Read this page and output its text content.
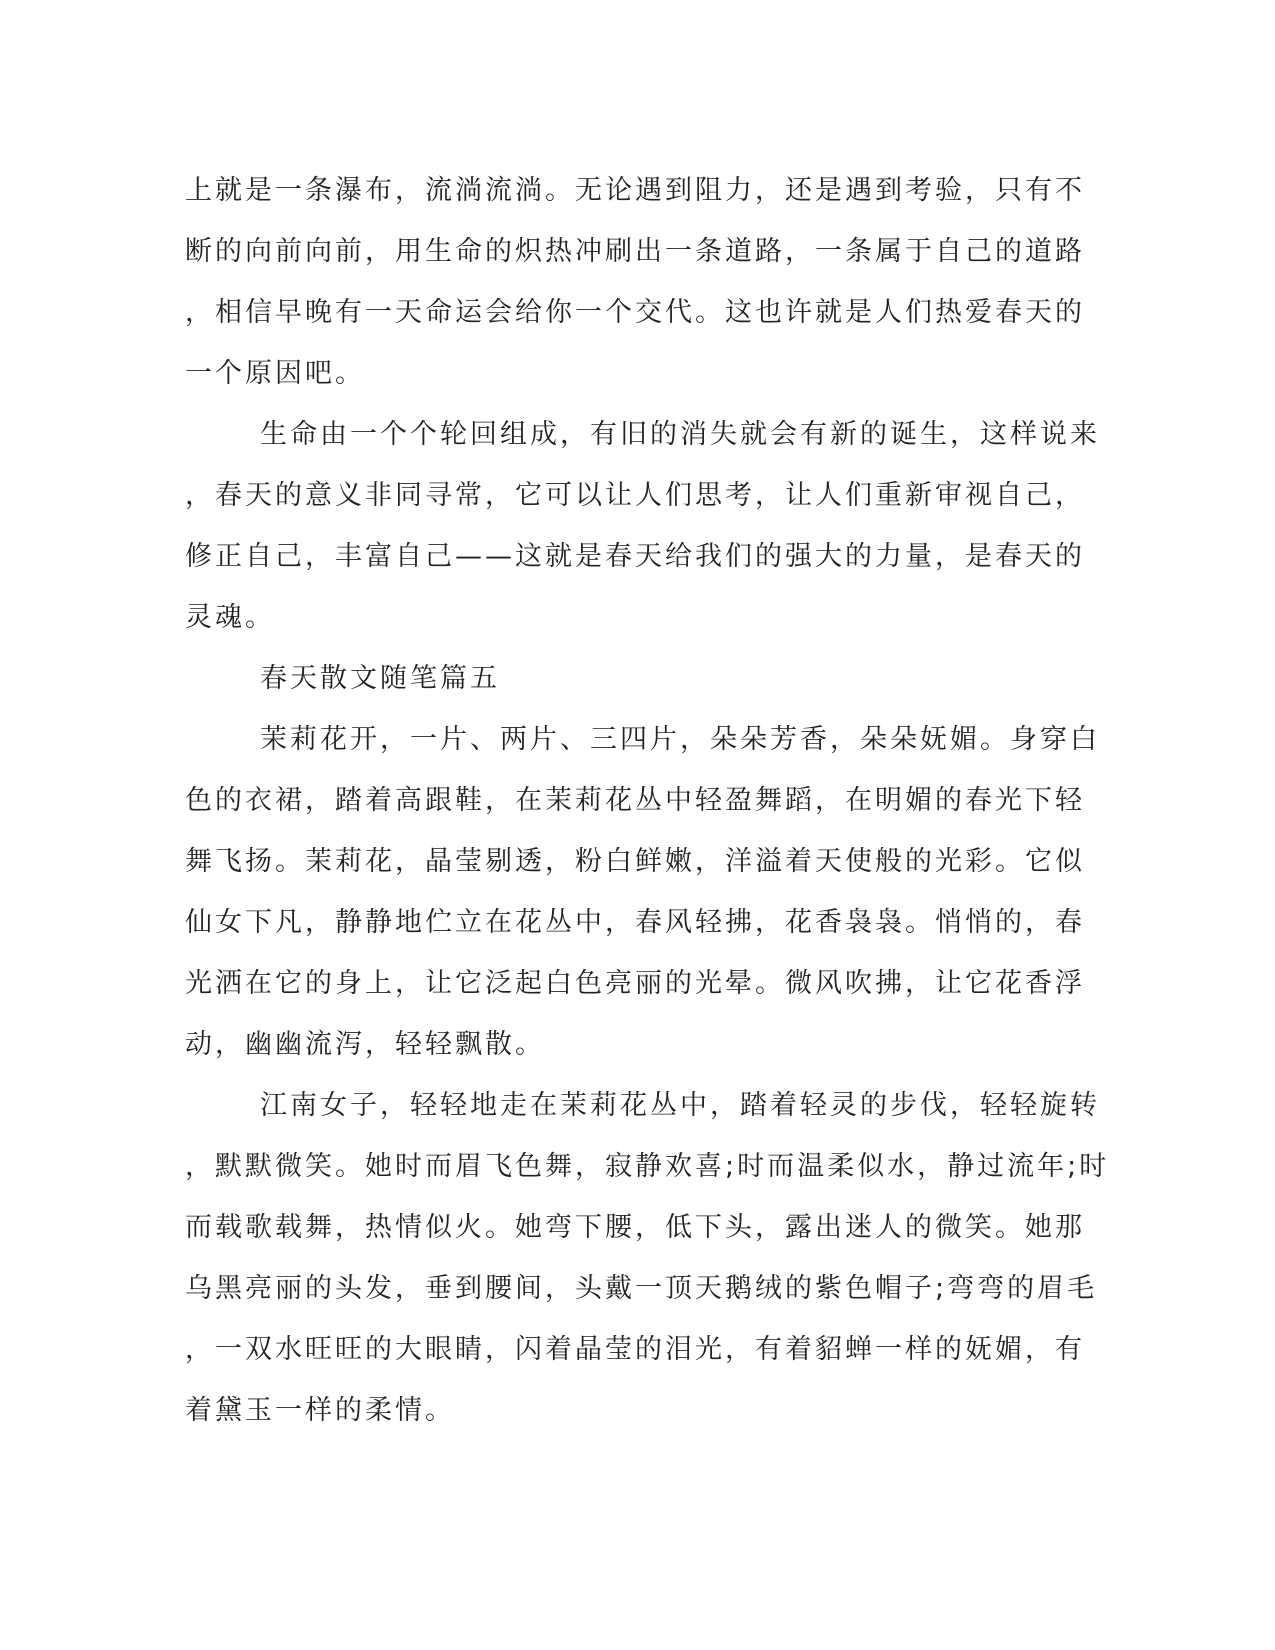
上就是一条瀑布，流淌流淌。无论遇到阻力，还是遇到考验，只有不
断的向前向前，用生命的炽热冲刷出一条道路，一条属于自己的道路
，相信早晚有一天命运会给你一个交代。这也许就是人们热爱春天的
一个原因吧。
生命由一个个轮回组成，有旧的消失就会有新的诞生，这样说来
，春天的意义非同寻常，它可以让人们思考，让人们重新审视自己，
修正自己，丰富自己——这就是春天给我们的强大的力量，是春天的
灵魂。
春天散文随笔篇五
茉莉花开，一片、两片、三四片，朵朵芳香，朵朵妩媚。身穿白
色的衣裙，踏着高跟鞋，在茉莉花丛中轻盈舞蹈，在明媚的春光下轻
舞飞扬。茉莉花，晶莹剔透，粉白鲜嫩，洋溢着天使般的光彩。它似
仙女下凡，静静地伫立在花丛中，春风轻拂，花香袅袅。悄悄的，春
光洒在它的身上，让它泛起白色亮丽的光晕。微风吹拂，让它花香浮
动，幽幽流泻，轻轻飘散。
江南女子，轻轻地走在茉莉花丛中，踏着轻灵的步伐，轻轻旋转
，默默微笑。她时而眉飞色舞，寂静欢喜;时而温柔似水，静过流年;时
而载歌载舞，热情似火。她弯下腰，低下头，露出迷人的微笑。她那
乌黑亮丽的头发，垂到腰间，头戴一顶天鹅绒的紫色帽子;弯弯的眉毛
，一双水旺旺的大眼睛，闪着晶莹的泪光，有着貂蝉一样的妩媚，有
着黛玉一样的柔情。
